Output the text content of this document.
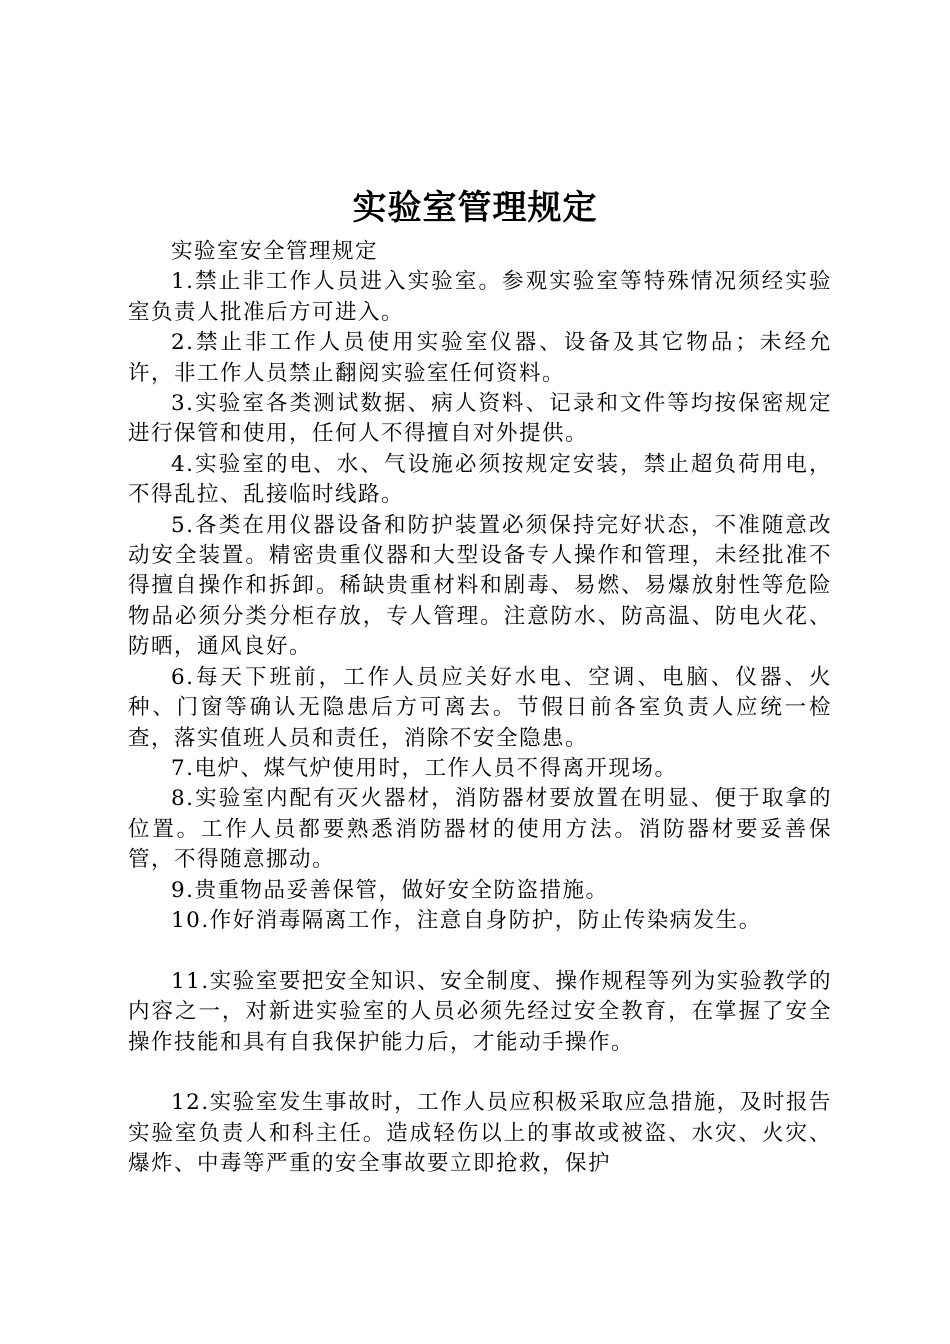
实验室管理规定

实验室安全管理规定

1.禁止非工作人员进入实验室。参观实验室等特殊情况须经实验室负责人批准后方可进入。

2.禁止非工作人员使用实验室仪器、设备及其它物品；未经允许，非工作人员禁止翻阅实验室任何资料。

3.实验室各类测试数据、病人资料、记录和文件等均按保密规定进行保管和使用，任何人不得擅自对外提供。

4.实验室的电、水、气设施必须按规定安装，禁止超负荷用电，不得乱拉、乱接临时线路。

5.各类在用仪器设备和防护装置必须保持完好状态，不准随意改动安全装置。精密贵重仪器和大型设备专人操作和管理，未经批准不得擅自操作和拆卸。稀缺贵重材料和剧毒、易燃、易爆放射性等危险物品必须分类分柜存放，专人管理。注意防水、防高温、防电火花、防晒，通风良好。

6.每天下班前，工作人员应关好水电、空调、电脑、仪器、火种、门窗等确认无隐患后方可离去。节假日前各室负责人应统一检查，落实值班人员和责任，消除不安全隐患。

7.电炉、煤气炉使用时，工作人员不得离开现场。

8.实验室内配有灭火器材，消防器材要放置在明显、便于取拿的位置。工作人员都要熟悉消防器材的使用方法。消防器材要妥善保管，不得随意挪动。

9.贵重物品妥善保管，做好安全防盗措施。

10.作好消毒隔离工作，注意自身防护，防止传染病发生。

11.实验室要把安全知识、安全制度、操作规程等列为实验教学的内容之一，对新进实验室的人员必须先经过安全教育，在掌握了安全操作技能和具有自我保护能力后，才能动手操作。

12.实验室发生事故时，工作人员应积极采取应急措施，及时报告实验室负责人和科主任。造成轻伤以上的事故或被盗、水灾、火灾、爆炸、中毒等严重的安全事故要立即抢救，保护
